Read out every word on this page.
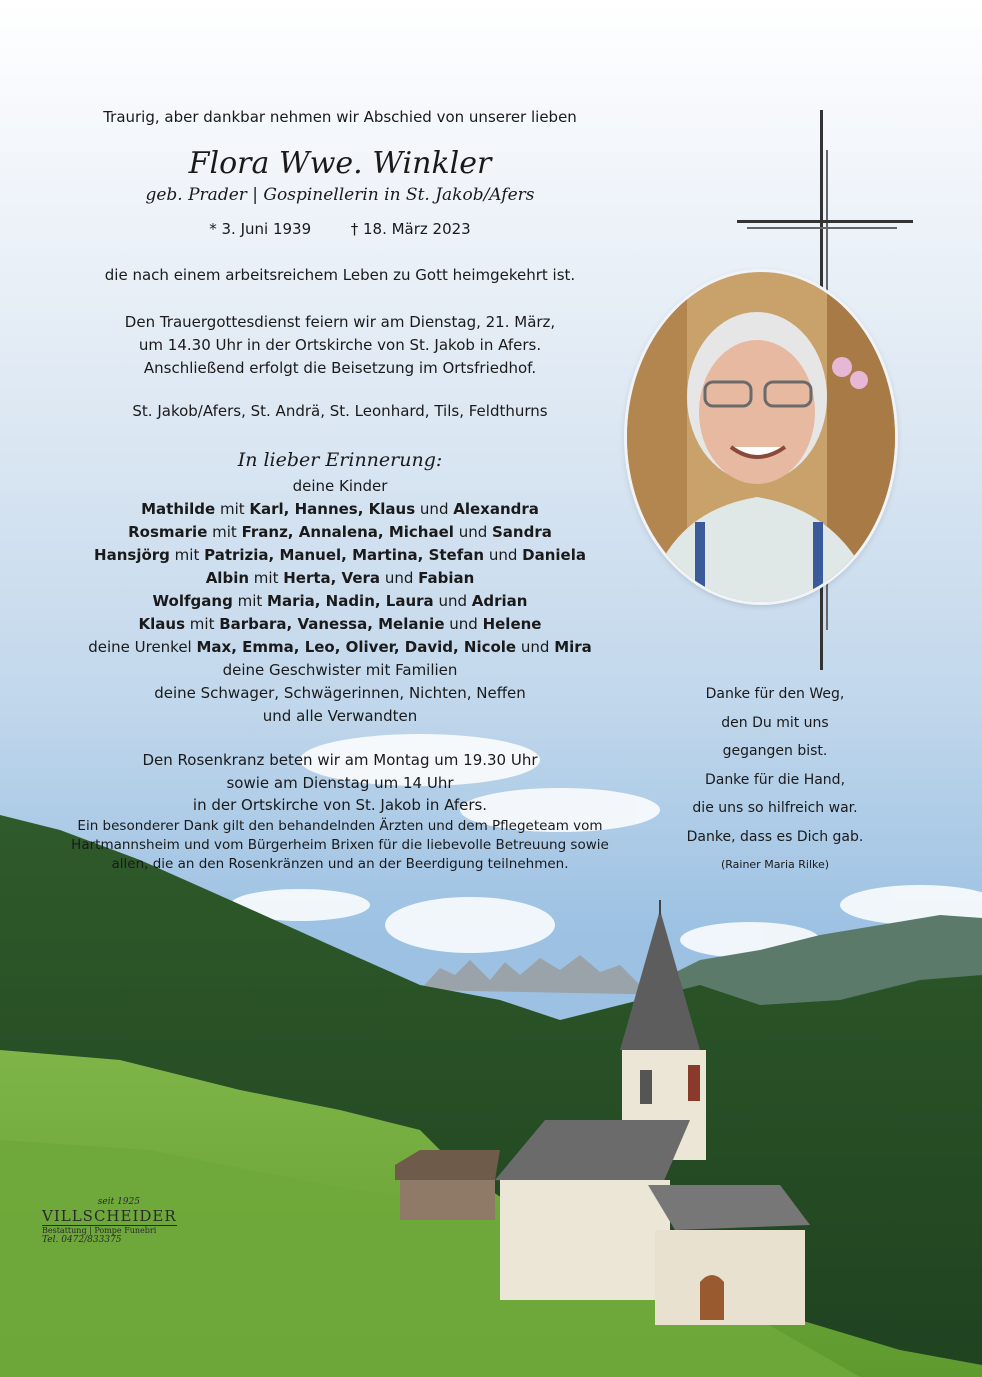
Traurig, aber dankbar nehmen wir Abschied von unserer lieben
Flora Wwe. Winkler
geb. Prader | Gospinellerin in St. Jakob/Afers
* 3. Juni 1939	† 18. März 2023
die nach einem arbeitsreichem Leben zu Gott heimgekehrt ist.
Den Trauergottesdienst feiern wir am Dienstag, 21. März,
um 14.30 Uhr in der Ortskirche von St. Jakob in Afers.
Anschließend erfolgt die Beisetzung im Ortsfriedhof.
St. Jakob/Afers, St. Andrä, St. Leonhard, Tils, Feldthurns
In lieber Erinnerung:
deine Kinder
Mathilde mit Karl, Hannes, Klaus und Alexandra
Rosmarie mit Franz, Annalena, Michael und Sandra
Hansjörg mit Patrizia, Manuel, Martina, Stefan und Daniela
Albin mit Herta, Vera und Fabian
Wolfgang mit Maria, Nadin, Laura und Adrian
Klaus mit Barbara, Vanessa, Melanie und Helene
deine Urenkel Max, Emma, Leo, Oliver, David, Nicole und Mira
deine Geschwister mit Familien
deine Schwager, Schwägerinnen, Nichten, Neffen
und alle Verwandten
Den Rosenkranz beten wir am Montag um 19.30 Uhr
sowie am Dienstag um 14 Uhr
in der Ortskirche von St. Jakob in Afers.
Ein besonderer Dank gilt den behandelnden Ärzten und dem Pflegeteam vom
Hartmannsheim und vom Bürgerheim Brixen für die liebevolle Betreuung sowie
allen, die an den Rosenkränzen und an der Beerdigung teilnehmen.
Danke für den Weg,
den Du mit uns
gegangen bist.
Danke für die Hand,
die uns so hilfreich war.
Danke, dass es Dich gab.
(Rainer Maria Rilke)
seit 1925
VILLSCHEIDER
Bestattung | Pompe Funebri
Tel. 0472/833375
